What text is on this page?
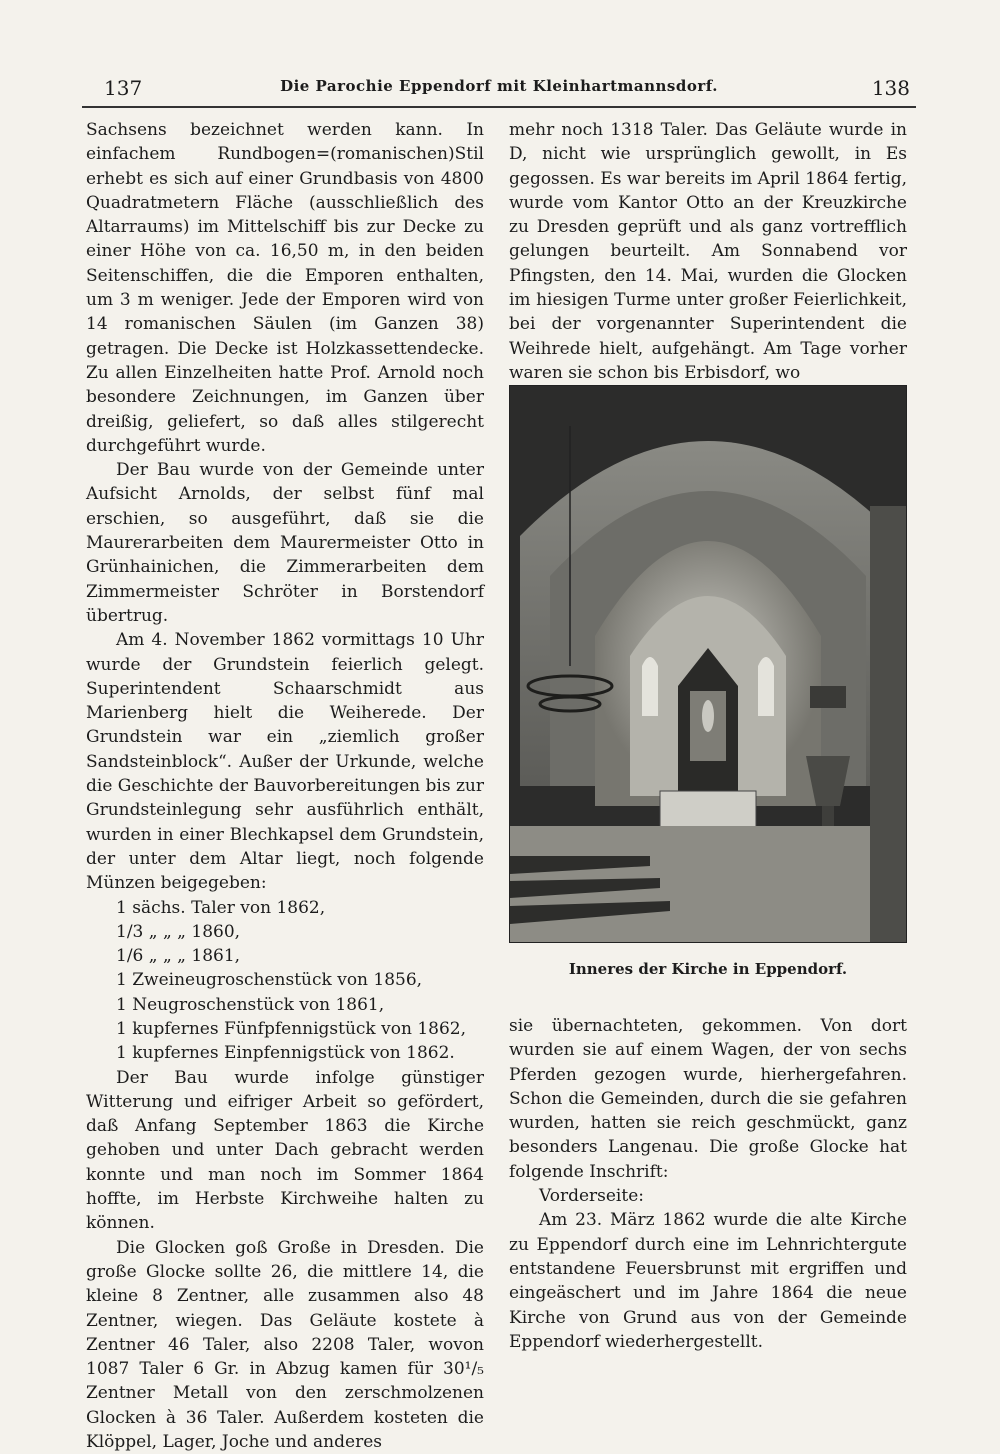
137	Die Parochie Eppendorf mit Kleinhartmannsdorf.	138

Sachsens bezeichnet werden kann. In einfachem Rundbogen=(romanischen)Stil erhebt es sich auf einer Grundbasis von 4800 Quadratmetern Fläche (ausschließlich des Altarraums) im Mittelschiff bis zur Decke zu einer Höhe von ca. 16,50 m, in den beiden Seitenschiffen, die die Emporen enthalten, um 3 m weniger. Jede der Emporen wird von 14 romanischen Säulen (im Ganzen 38) getragen. Die Decke ist Holzkassettendecke. Zu allen Einzelheiten hatte Prof. Arnold noch besondere Zeichnungen, im Ganzen über dreißig, geliefert, so daß alles stilgerecht durchgeführt wurde.

Der Bau wurde von der Gemeinde unter Aufsicht Arnolds, der selbst fünf mal erschien, so ausgeführt, daß sie die Maurerarbeiten dem Maurermeister Otto in Grünhainichen, die Zimmerarbeiten dem Zimmermeister Schröter in Borstendorf übertrug.

Am 4. November 1862 vormittags 10 Uhr wurde der Grundstein feierlich gelegt. Superintendent Schaarschmidt aus Marienberg hielt die Weiherede. Der Grundstein war ein „ziemlich großer Sandsteinblock“. Außer der Urkunde, welche die Geschichte der Bauvorbereitungen bis zur Grundsteinlegung sehr ausführlich enthält, wurden in einer Blechkapsel dem Grundstein, der unter dem Altar liegt, noch folgende Münzen beigegeben:

1 sächs. Taler von 1862,
1/3 „ „ „ 1860,
1/6 „ „ „ 1861,
1 Zweineugroschenstück von 1856,
1 Neugroschenstück von 1861,
1 kupfernes Fünfpfennigstück von 1862,
1 kupfernes Einpfennigstück von 1862.

Der Bau wurde infolge günstiger Witterung und eifriger Arbeit so gefördert, daß Anfang September 1863 die Kirche gehoben und unter Dach gebracht werden konnte und man noch im Sommer 1864 hoffte, im Herbste Kirchweihe halten zu können.

Die Glocken goß Große in Dresden. Die große Glocke sollte 26, die mittlere 14, die kleine 8 Zentner, alle zusammen also 48 Zentner, wiegen. Das Geläute kostete à Zentner 46 Taler, also 2208 Taler, wovon 1087 Taler 6 Gr. in Abzug kamen für 30¹/₅ Zentner Metall von den zerschmolzenen Glocken à 36 Taler. Außerdem kosteten die Klöppel, Lager, Joche und anderes

mehr noch 1318 Taler. Das Geläute wurde in D, nicht wie ursprünglich gewollt, in Es gegossen. Es war bereits im April 1864 fertig, wurde vom Kantor Otto an der Kreuzkirche zu Dresden geprüft und als ganz vortrefflich gelungen beurteilt. Am Sonnabend vor Pfingsten, den 14. Mai, wurden die Glocken im hiesigen Turme unter großer Feierlichkeit, bei der vorgenannter Superintendent die Weihrede hielt, aufgehängt. Am Tage vorher waren sie schon bis Erbisdorf, wo

Inneres der Kirche in Eppendorf.

sie übernachteten, gekommen. Von dort wurden sie auf einem Wagen, der von sechs Pferden gezogen wurde, hierhergefahren. Schon die Gemeinden, durch die sie gefahren wurden, hatten sie reich geschmückt, ganz besonders Langenau. Die große Glocke hat folgende Inschrift:

Vorderseite:

Am 23. März 1862 wurde die alte Kirche zu Eppendorf durch eine im Lehnrichtergute entstandene Feuersbrunst mit ergriffen und eingeäschert und im Jahre 1864 die neue Kirche von Grund aus von der Gemeinde Eppendorf wiederhergestellt.
